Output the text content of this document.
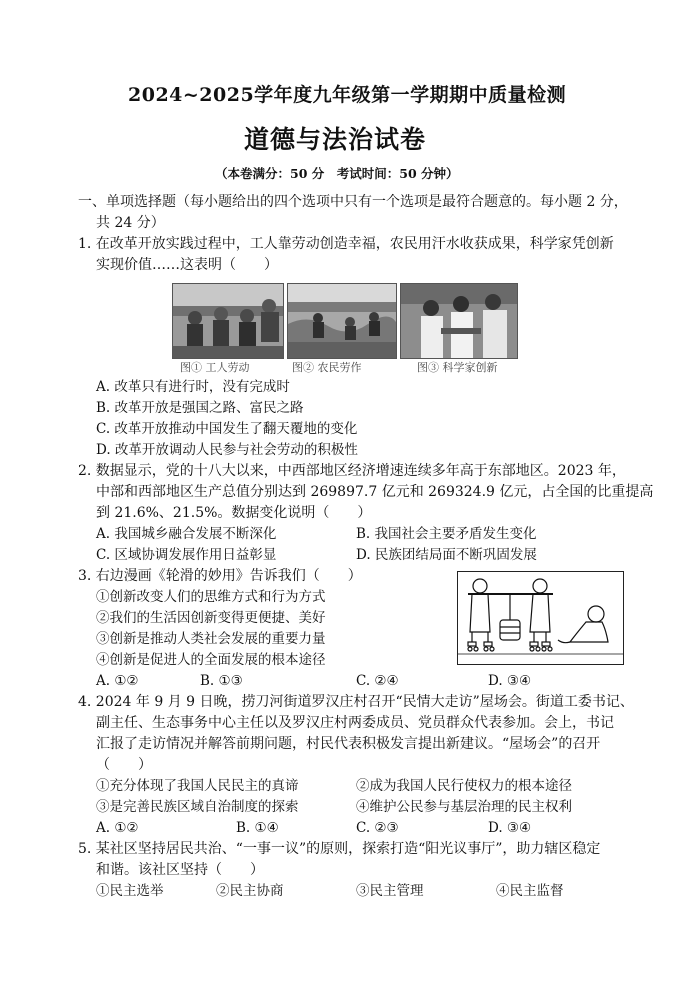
2024~2025学年度九年级第一学期期中质量检测
道德与法治试卷
（本卷满分：50 分　考试时间：50 分钟）
一、单项选择题（每小题给出的四个选项中只有一个选项是最符合题意的。每小题 2 分，
共 24 分）
1. 在改革开放实践过程中，工人靠劳动创造幸福，农民用汗水收获成果，科学家凭创新
实现价值……这表明（　　）
图① 工人劳动	图② 农民劳作	图③ 科学家创新
A. 改革只有进行时，没有完成时
B. 改革开放是强国之路、富民之路
C. 改革开放推动中国发生了翻天覆地的变化
D. 改革开放调动人民参与社会劳动的积极性
2. 数据显示，党的十八大以来，中西部地区经济增速连续多年高于东部地区。2023 年，
中部和西部地区生产总值分别达到 269897.7 亿元和 269324.9 亿元，占全国的比重提高
到 21.6%、21.5%。数据变化说明（　　）
A. 我国城乡融合发展不断深化	B. 我国社会主要矛盾发生变化
C. 区域协调发展作用日益彰显	D. 民族团结局面不断巩固发展
3. 右边漫画《轮滑的妙用》告诉我们（　　）
①创新改变人们的思维方式和行为方式
②我们的生活因创新变得更便捷、美好
③创新是推动人类社会发展的重要力量
④创新是促进人的全面发展的根本途径
A. ①②	B. ①③	C. ②④	D. ③④
4. 2024 年 9 月 9 日晚，捞刀河街道罗汉庄村召开“民情大走访”屋场会。街道工委书记、
副主任、生态事务中心主任以及罗汉庄村两委成员、党员群众代表参加。会上，书记
汇报了走访情况并解答前期问题，村民代表积极发言提出新建议。“屋场会”的召开
（　　）
①充分体现了我国人民民主的真谛	②成为我国人民行使权力的根本途径
③是完善民族区域自治制度的探索	④维护公民参与基层治理的民主权利
A. ①②	B. ①④	C. ②③	D. ③④
5. 某社区坚持居民共治、“一事一议”的原则，探索打造“阳光议事厅”，助力辖区稳定
和谐。该社区坚持（　　）
①民主选举	②民主协商	③民主管理	④民主监督
